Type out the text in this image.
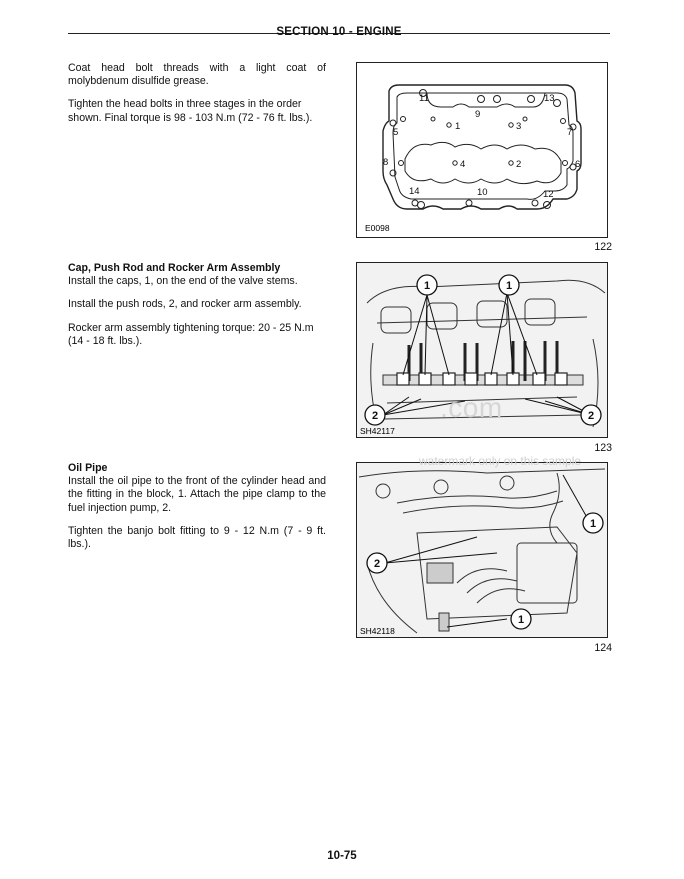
SECTION 10 - ENGINE

Coat head bolt threads with a light coat of molybdenum disulfide grease.

Tighten the head bolts in three stages in the order shown. Final torque is 98 - 103 N.m (72 - 76 ft. lbs.).

11
9
13
5
1	3
7
8	4	2	6
14	10	12
E0098
122
Cap, Push Rod and Rocker Arm Assembly

Install the caps, 1, on the end of the valve stems.

Install the push rods, 2, and rocker arm assembly.

Rocker arm assembly tightening torque: 20 - 25 N.m (14 - 18 ft. lbs.).

1	1
2	2
SH42117
123
Oil Pipe

Install the oil pipe to the front of the cylinder head and the fitting in the block, 1. Attach the pipe clamp to the fuel injection pump, 2.

Tighten the banjo bolt fitting to 9 - 12 N.m (7 - 9 ft. lbs.).

1
2
1
SH42118
124
.com
watermark only on this sample
10-75
